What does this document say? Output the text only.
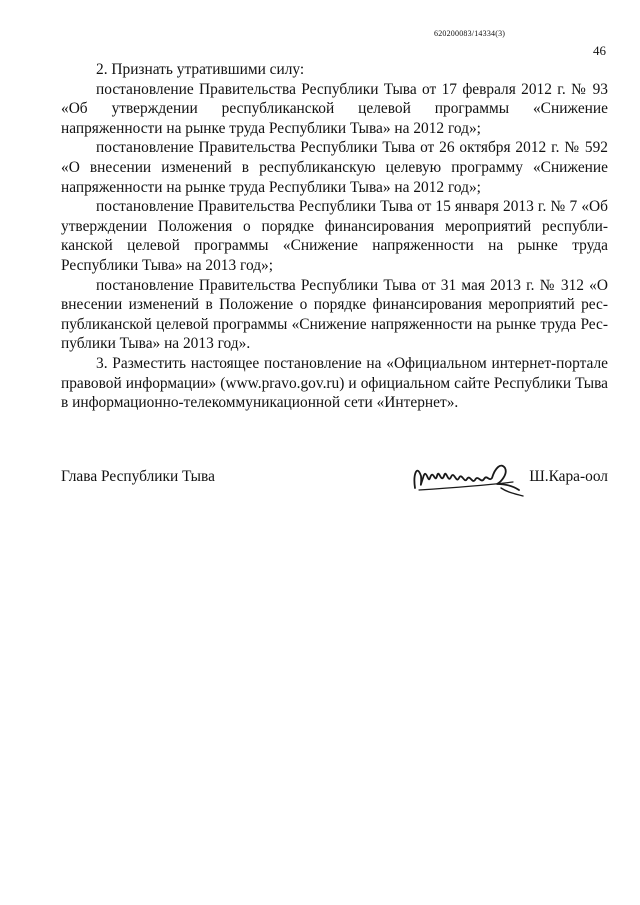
620200083/14334(3)
46

2. Признать утратившими силу:

постановление Правительства Республики Тыва от 17 февраля 2012 г. № 93 «Об утверждении республиканской целевой программы «Снижение напряженности на рынке труда Республики Тыва» на 2012 год»;

постановление Правительства Республики Тыва от 26 октября 2012 г. № 592 «О внесении изменений в республиканскую целевую программу «Снижение напряженности на рынке труда Республики Тыва» на 2012 год»;

постановление Правительства Республики Тыва от 15 января 2013 г. № 7 «Об утверждении Положения о порядке финансирования мероприятий республиканской целевой программы «Снижение напряженности на рынке труда Республики Тыва» на 2013 год»;

постановление Правительства Республики Тыва от 31 мая 2013 г. № 312 «О внесении изменений в Положение о порядке финансирования мероприятий республиканской целевой программы «Снижение напряженности на рынке труда Республики Тыва» на 2013 год».

3. Разместить настоящее постановление на «Официальном интернет-портале правовой информации» (www.pravo.gov.ru) и официальном сайте Республики Тыва в информационно-телекоммуникационной сети «Интернет».

Глава Республики Тыва	Ш.Кара-оол
